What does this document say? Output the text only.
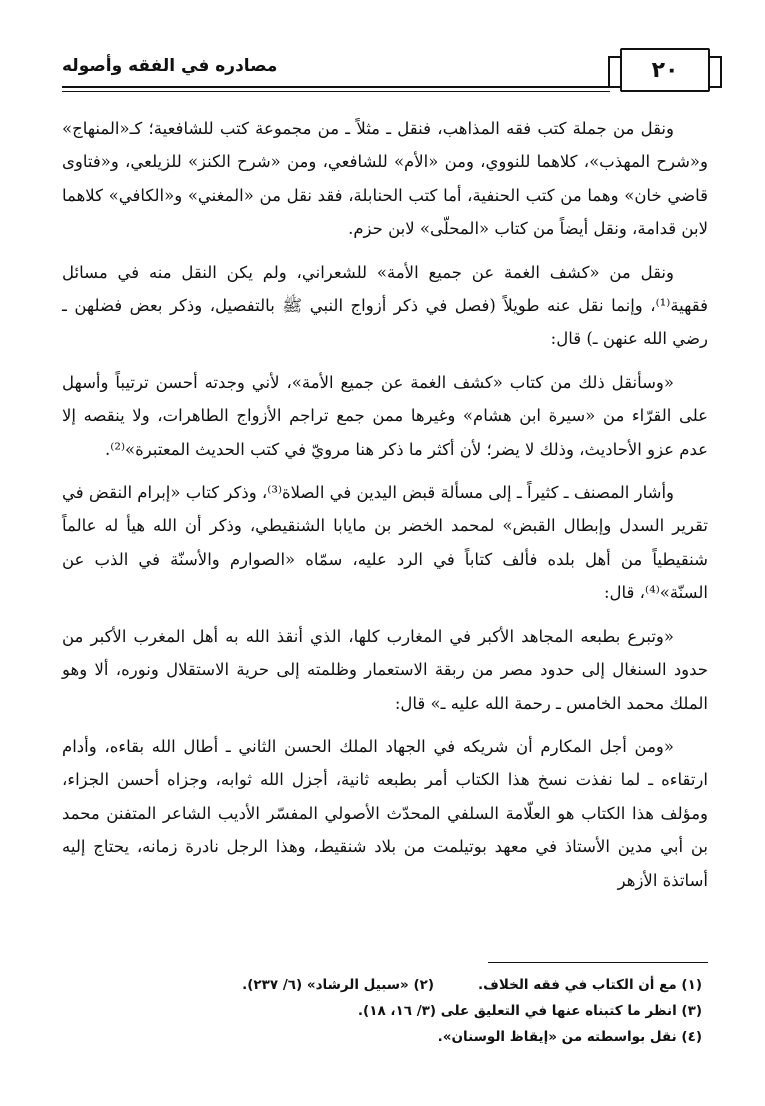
٢٠
مصادره في الفقه وأصوله

ونقل من جملة كتب فقه المذاهب، فنقل ـ مثلاً ـ من مجموعة كتب للشافعية؛ كـ«المنهاج» و«شرح المهذب»، كلاهما للنووي، ومن «الأم» للشافعي، ومن «شرح الكنز» للزيلعي، و«فتاوى قاضي خان» وهما من كتب الحنفية، أما كتب الحنابلة، فقد نقل من «المغني» و«الكافي» كلاهما لابن قدامة، ونقل أيضاً من كتاب «المحلّى» لابن حزم.

ونقل من «كشف الغمة عن جميع الأمة» للشعراني، ولم يكن النقل منه في مسائل فقهية⁽¹⁾، وإنما نقل عنه طويلاً (فصل في ذكر أزواج النبي ﷺ بالتفصيل، وذكر بعض فضلهن ـ رضي الله عنهن ـ) قال:

«وسأنقل ذلك من كتاب «كشف الغمة عن جميع الأمة»، لأني وجدته أحسن ترتيباً وأسهل على القرّاء من «سيرة ابن هشام» وغيرها ممن جمع تراجم الأزواج الطاهرات، ولا ينقصه إلا عدم عزو الأحاديث، وذلك لا يضر؛ لأن أكثر ما ذكر هنا مرويّ في كتب الحديث المعتبرة»⁽²⁾.

وأشار المصنف ـ كثيراً ـ إلى مسألة قبض اليدين في الصلاة⁽³⁾، وذكر كتاب «إبرام النقض في تقرير السدل وإبطال القبض» لمحمد الخضر بن مايابا الشنقيطي، وذكر أن الله هيأ له عالماً شنقيطياً من أهل بلده فألف كتاباً في الرد عليه، سمّاه «الصوارم والأسنّة في الذب عن السنّة»⁽⁴⁾، قال:

«وتبرع بطبعه المجاهد الأكبر في المغارب كلها، الذي أنقذ الله به أهل المغرب الأكبر من حدود السنغال إلى حدود مصر من ربقة الاستعمار وظلمته إلى حرية الاستقلال ونوره، ألا وهو الملك محمد الخامس ـ رحمة الله عليه ـ» قال:

«ومن أجل المكارم أن شريكه في الجهاد الملك الحسن الثاني ـ أطال الله بقاءه، وأدام ارتقاءه ـ لما نفذت نسخ هذا الكتاب أمر بطبعه ثانية، أجزل الله ثوابه، وجزاه أحسن الجزاء، ومؤلف هذا الكتاب هو العلّامة السلفي المحدّث الأصولي المفسّر الأديب الشاعر المتفنن محمد بن أبي مدين الأستاذ في معهد بوتيلمت من بلاد شنقيط، وهذا الرجل نادرة زمانه، يحتاج إليه أساتذة الأزهر

(١) مع أن الكتاب في فقه الخلاف.
(٢) «سبيل الرشاد» (٦/ ٢٣٧).
(٣) انظر ما كتبناه عنها في التعليق على (٣/ ١٦، ١٨).
(٤) نقل بواسطته من «إيقاظ الوسنان».
